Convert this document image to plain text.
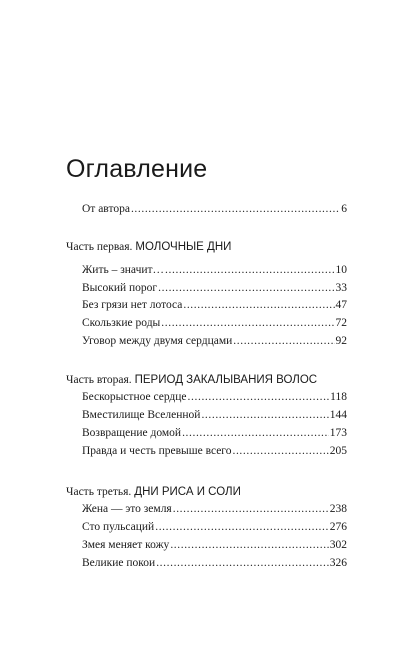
Оглавление
От автора .....	6
Часть первая. МОЛОЧНЫЕ ДНИ
Жить – значит… .....	10
Высокий порог .....	33
Без грязи нет лотоса .....	47
Скользкие роды .....	72
Уговор между двумя сердцами .....	92
Часть вторая. ПЕРИОД ЗАКАЛЫВАНИЯ ВОЛОС
Бескорыстное сердце .....	118
Вместилище Вселенной .....	144
Возвращение домой .....	173
Правда и честь превыше всего .....	205
Часть третья. ДНИ РИСА И СОЛИ
Жена — это земля .....	238
Сто пульсаций .....	276
Змея меняет кожу .....	302
Великие покои .....	326
